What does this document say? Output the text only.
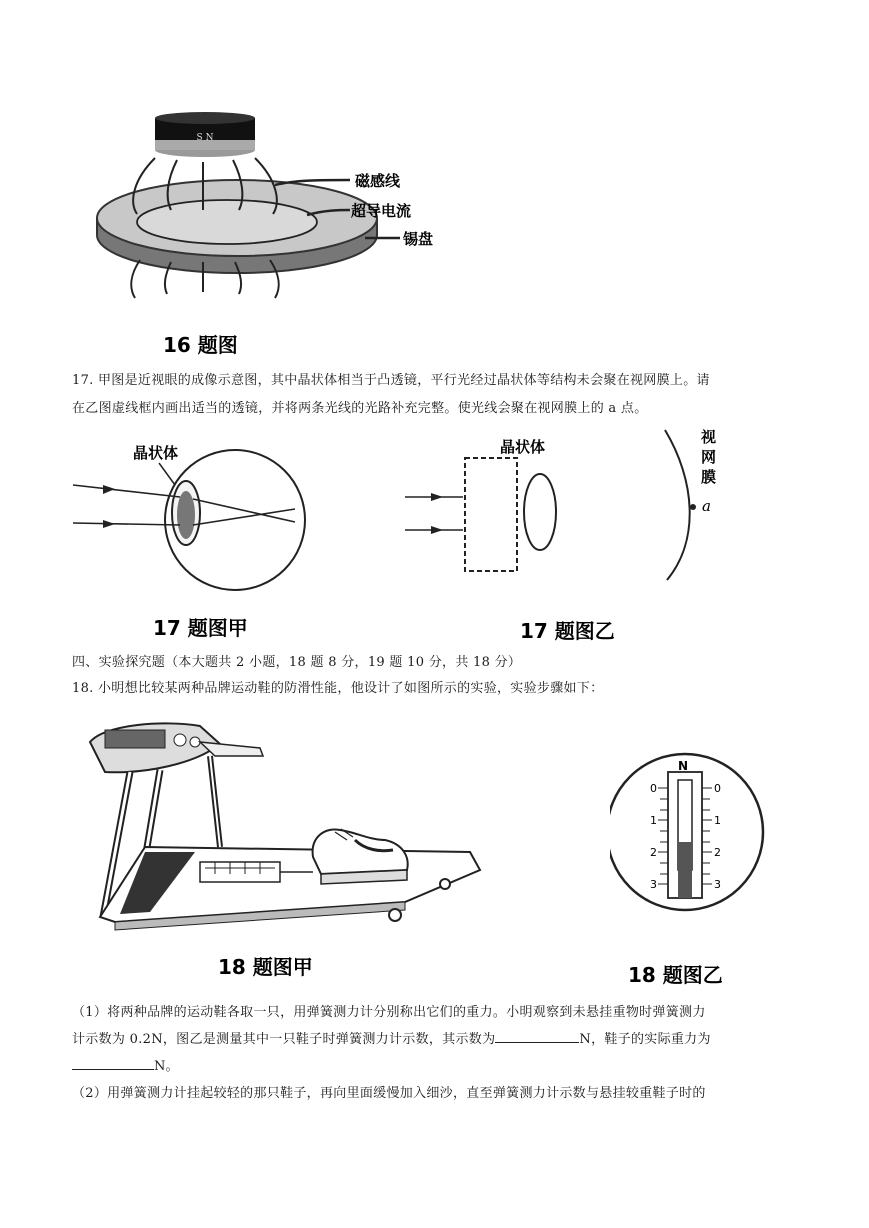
S N
磁感线
超导电流
锡盘
16 题图

17. 甲图是近视眼的成像示意图，其中晶状体相当于凸透镜，平行光经过晶状体等结构未会聚在视网膜上。请

在乙图虚线框内画出适当的透镜，并将两条光线的光路补充完整。使光线会聚在视网膜上的 a 点。

晶状体
17 题图甲
晶状体
视
网
膜
a
17 题图乙

四、实验探究题（本大题共 2 小题，18 题 8 分，19 题 10 分，共 18 分）

18. 小明想比较某两种品牌运动鞋的防滑性能，他设计了如图所示的实验，实验步骤如下：

18 题图甲
N
0
1
2
3
0
1
2
3
18 题图乙

（1）将两种品牌的运动鞋各取一只，用弹簧测力计分别称出它们的重力。小明观察到未悬挂重物时弹簧测力

计示数为 0.2N，图乙是测量其中一只鞋子时弹簧测力计示数，其示数为	N，鞋子的实际重力为

N。

（2）用弹簧测力计挂起较轻的那只鞋子，再向里面缓慢加入细沙，直至弹簧测力计示数与悬挂较重鞋子时的
